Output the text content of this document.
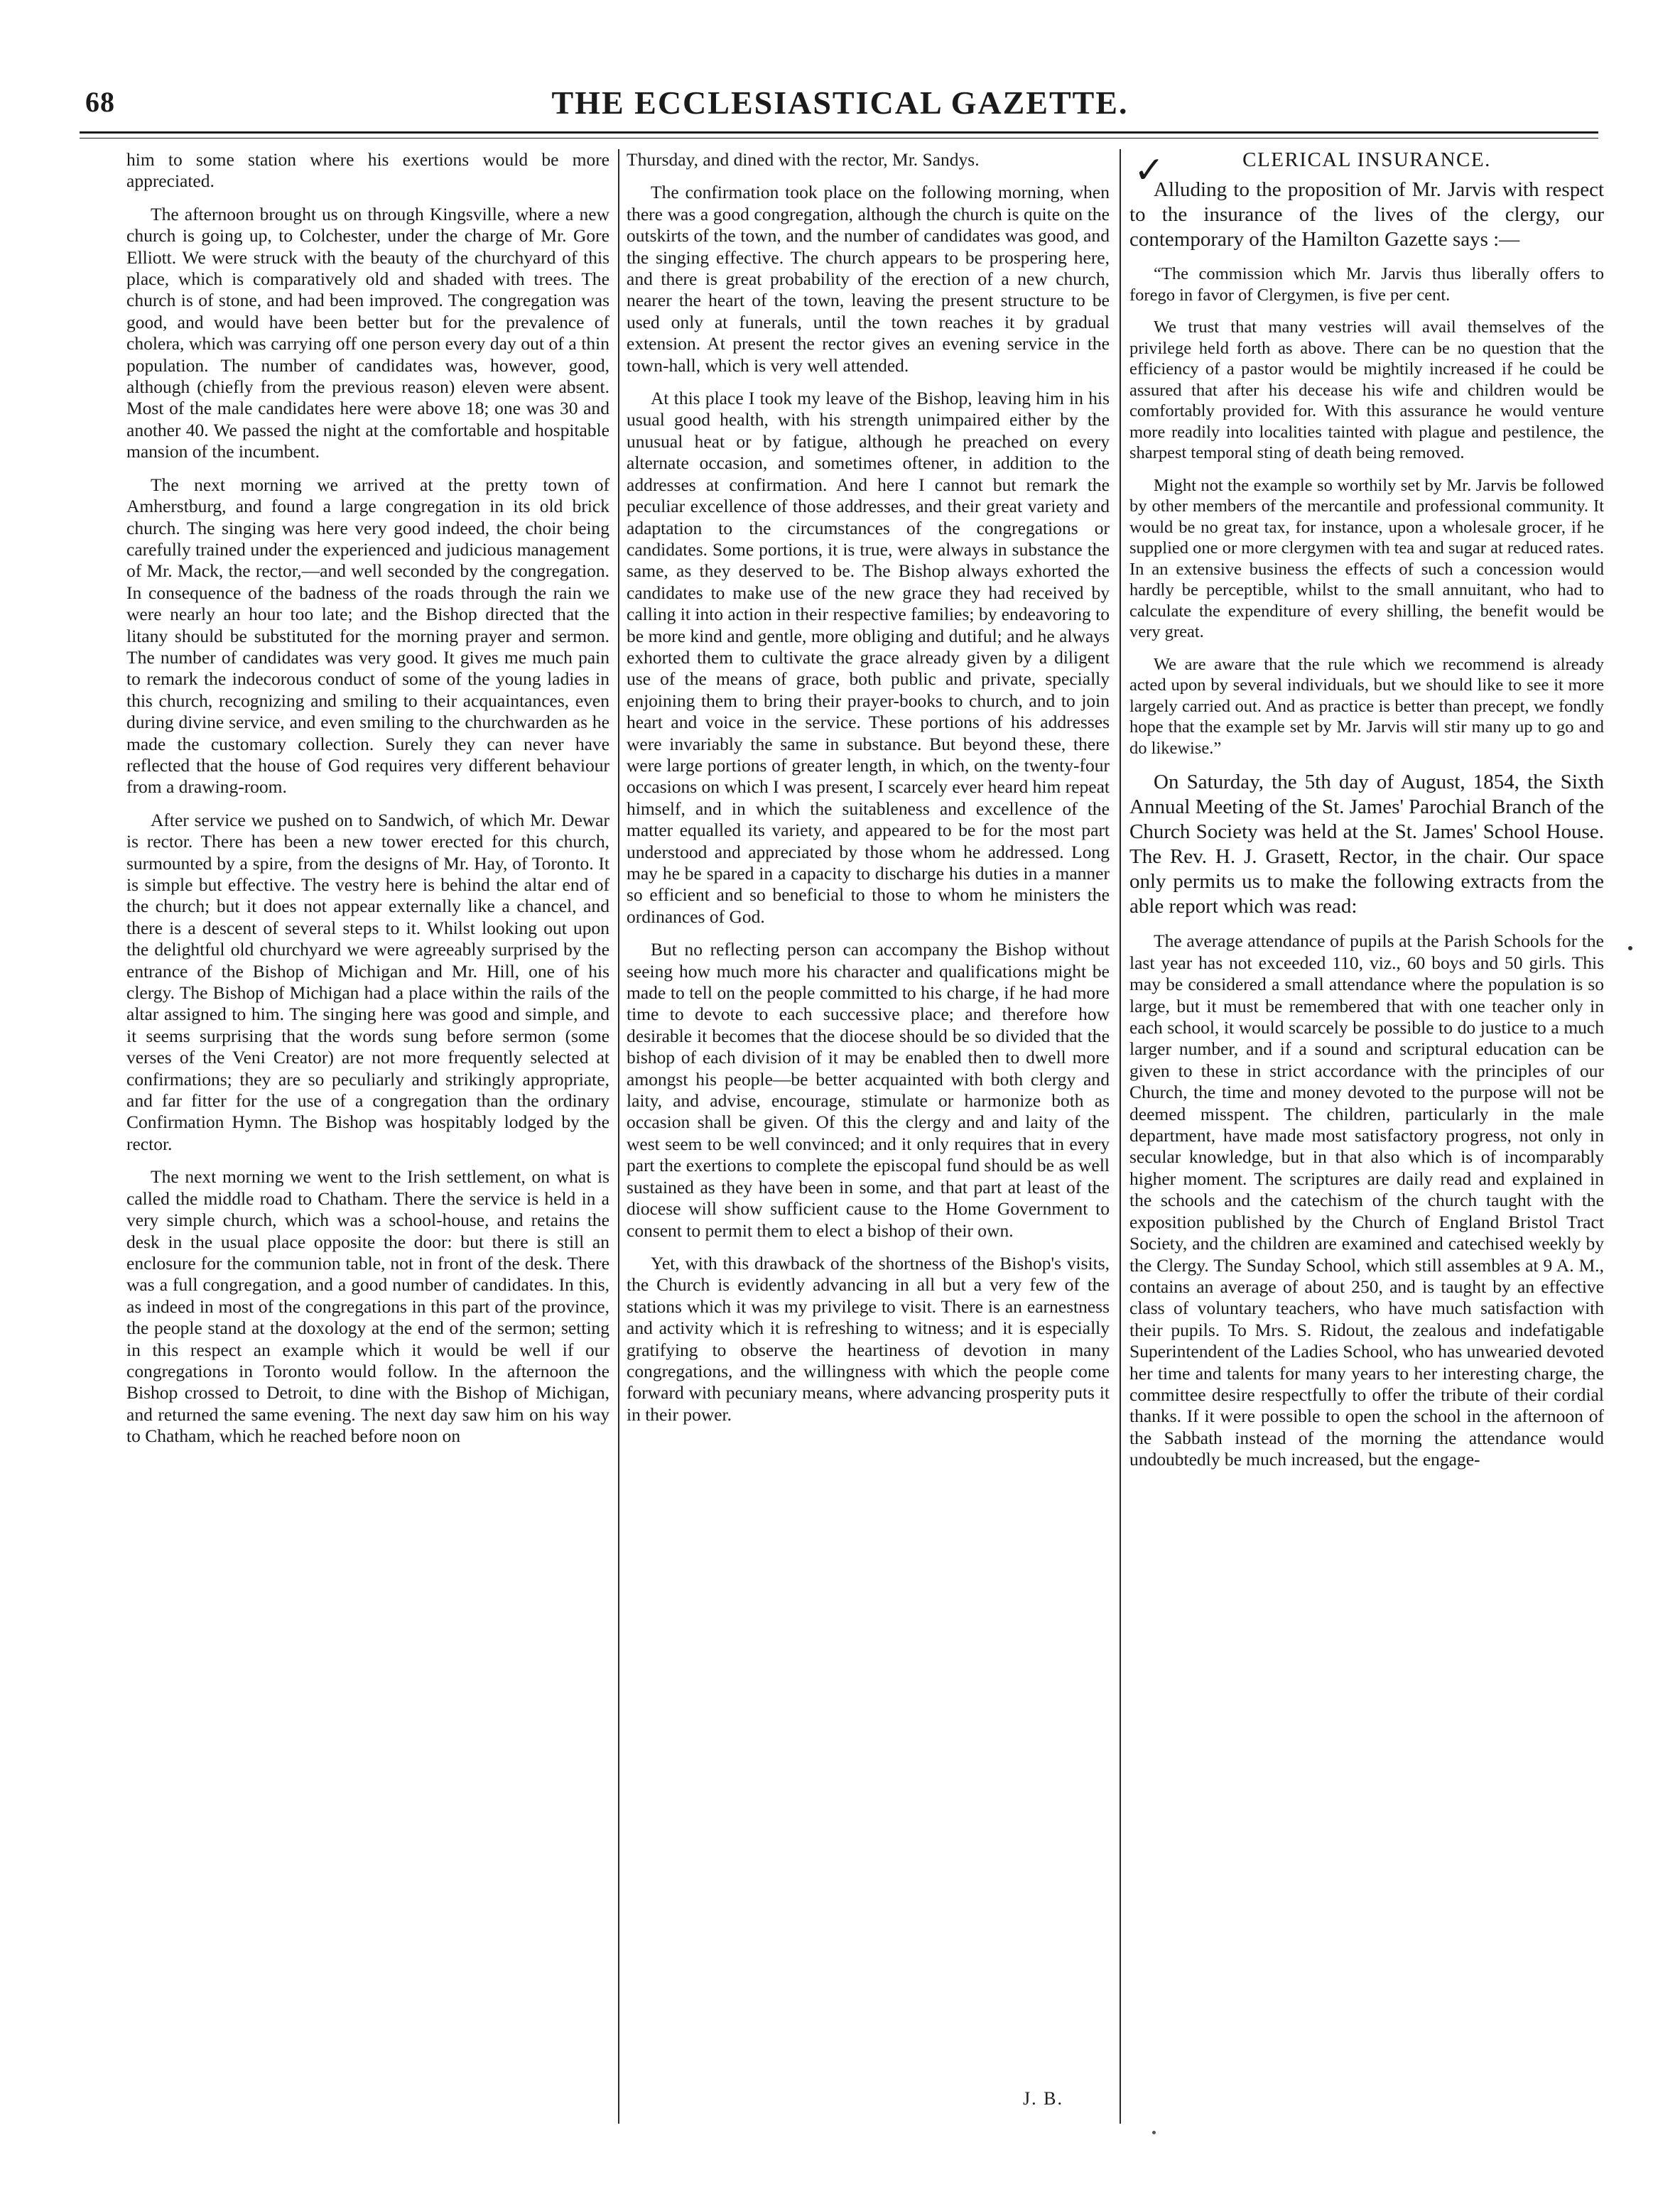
68	THE ECCLESIASTICAL GAZETTE.

him to some station where his exertions would be more appreciated.

The afternoon brought us on through Kingsville, where a new church is going up, to Colchester, under the charge of Mr. Gore Elliott. We were struck with the beauty of the churchyard of this place, which is comparatively old and shaded with trees. The church is of stone, and had been improved. The congregation was good, and would have been better but for the prevalence of cholera, which was carrying off one person every day out of a thin population. The number of candidates was, however, good, although (chiefly from the previous reason) eleven were absent. Most of the male candidates here were above 18; one was 30 and another 40. We passed the night at the comfortable and hospitable mansion of the incumbent.

The next morning we arrived at the pretty town of Amherstburg, and found a large congregation in its old brick church. The singing was here very good indeed, the choir being carefully trained under the experienced and judicious management of Mr. Mack, the rector,—and well seconded by the congregation. In consequence of the badness of the roads through the rain we were nearly an hour too late; and the Bishop directed that the litany should be substituted for the morning prayer and sermon. The number of candidates was very good. It gives me much pain to remark the indecorous conduct of some of the young ladies in this church, recognizing and smiling to their acquaintances, even during divine service, and even smiling to the churchwarden as he made the customary collection. Surely they can never have reflected that the house of God requires very different behaviour from a drawing-room.

After service we pushed on to Sandwich, of which Mr. Dewar is rector. There has been a new tower erected for this church, surmounted by a spire, from the designs of Mr. Hay, of Toronto. It is simple but effective. The vestry here is behind the altar end of the church; but it does not appear externally like a chancel, and there is a descent of several steps to it. Whilst looking out upon the delightful old churchyard we were agreeably surprised by the entrance of the Bishop of Michigan and Mr. Hill, one of his clergy. The Bishop of Michigan had a place within the rails of the altar assigned to him. The singing here was good and simple, and it seems surprising that the words sung before sermon (some verses of the Veni Creator) are not more frequently selected at confirmations; they are so peculiarly and strikingly appropriate, and far fitter for the use of a congregation than the ordinary Confirmation Hymn. The Bishop was hospitably lodged by the rector.

The next morning we went to the Irish settlement, on what is called the middle road to Chatham. There the service is held in a very simple church, which was a school-house, and retains the desk in the usual place opposite the door: but there is still an enclosure for the communion table, not in front of the desk. There was a full congregation, and a good number of candidates. In this, as indeed in most of the congregations in this part of the province, the people stand at the doxology at the end of the sermon; setting in this respect an example which it would be well if our congregations in Toronto would follow. In the afternoon the Bishop crossed to Detroit, to dine with the Bishop of Michigan, and returned the same evening. The next day saw him on his way to Chatham, which he reached before noon on

Thursday, and dined with the rector, Mr. Sandys.

The confirmation took place on the following morning, when there was a good congregation, although the church is quite on the outskirts of the town, and the number of candidates was good, and the singing effective. The church appears to be prospering here, and there is great probability of the erection of a new church, nearer the heart of the town, leaving the present structure to be used only at funerals, until the town reaches it by gradual extension. At present the rector gives an evening service in the town-hall, which is very well attended.

At this place I took my leave of the Bishop, leaving him in his usual good health, with his strength unimpaired either by the unusual heat or by fatigue, although he preached on every alternate occasion, and sometimes oftener, in addition to the addresses at confirmation. And here I cannot but remark the peculiar excellence of those addresses, and their great variety and adaptation to the circumstances of the congregations or candidates. Some portions, it is true, were always in substance the same, as they deserved to be. The Bishop always exhorted the candidates to make use of the new grace they had received by calling it into action in their respective families; by endeavoring to be more kind and gentle, more obliging and dutiful; and he always exhorted them to cultivate the grace already given by a diligent use of the means of grace, both public and private, specially enjoining them to bring their prayer-books to church, and to join heart and voice in the service. These portions of his addresses were invariably the same in substance. But beyond these, there were large portions of greater length, in which, on the twenty-four occasions on which I was present, I scarcely ever heard him repeat himself, and in which the suitableness and excellence of the matter equalled its variety, and appeared to be for the most part understood and appreciated by those whom he addressed. Long may he be spared in a capacity to discharge his duties in a manner so efficient and so beneficial to those to whom he ministers the ordinances of God.

But no reflecting person can accompany the Bishop without seeing how much more his character and qualifications might be made to tell on the people committed to his charge, if he had more time to devote to each successive place; and therefore how desirable it becomes that the diocese should be so divided that the bishop of each division of it may be enabled then to dwell more amongst his people—be better acquainted with both clergy and laity, and advise, encourage, stimulate or harmonize both as occasion shall be given. Of this the clergy and and laity of the west seem to be well convinced; and it only requires that in every part the exertions to complete the episcopal fund should be as well sustained as they have been in some, and that part at least of the diocese will show sufficient cause to the Home Government to consent to permit them to elect a bishop of their own.

Yet, with this drawback of the shortness of the Bishop's visits, the Church is evidently advancing in all but a very few of the stations which it was my privilege to visit. There is an earnestness and activity which it is refreshing to witness; and it is especially gratifying to observe the heartiness of devotion in many congregations, and the willingness with which the people come forward with pecuniary means, where advancing prosperity puts it in their power.

J. B.
✓	CLERICAL INSURANCE.

Alluding to the proposition of Mr. Jarvis with respect to the insurance of the lives of the clergy, our contemporary of the Hamilton Gazette says :—

“The commission which Mr. Jarvis thus liberally offers to forego in favor of Clergymen, is five per cent.

We trust that many vestries will avail themselves of the privilege held forth as above. There can be no question that the efficiency of a pastor would be mightily increased if he could be assured that after his decease his wife and children would be comfortably provided for. With this assurance he would venture more readily into localities tainted with plague and pestilence, the sharpest temporal sting of death being removed.

Might not the example so worthily set by Mr. Jarvis be followed by other members of the mercantile and professional community. It would be no great tax, for instance, upon a wholesale grocer, if he supplied one or more clergymen with tea and sugar at reduced rates. In an extensive business the effects of such a concession would hardly be perceptible, whilst to the small annuitant, who had to calculate the expenditure of every shilling, the benefit would be very great.

We are aware that the rule which we recommend is already acted upon by several individuals, but we should like to see it more largely carried out. And as practice is better than precept, we fondly hope that the example set by Mr. Jarvis will stir many up to go and do likewise.”

On Saturday, the 5th day of August, 1854, the Sixth Annual Meeting of the St. James' Parochial Branch of the Church Society was held at the St. James' School House. The Rev. H. J. Grasett, Rector, in the chair. Our space only permits us to make the following extracts from the able report which was read:

The average attendance of pupils at the Parish Schools for the last year has not exceeded 110, viz., 60 boys and 50 girls. This may be considered a small attendance where the population is so large, but it must be remembered that with one teacher only in each school, it would scarcely be possible to do justice to a much larger number, and if a sound and scriptural education can be given to these in strict accordance with the principles of our Church, the time and money devoted to the purpose will not be deemed misspent. The children, particularly in the male department, have made most satisfactory progress, not only in secular knowledge, but in that also which is of incomparably higher moment. The scriptures are daily read and explained in the schools and the catechism of the church taught with the exposition published by the Church of England Bristol Tract Society, and the children are examined and catechised weekly by the Clergy. The Sunday School, which still assembles at 9 A. M., contains an average of about 250, and is taught by an effective class of voluntary teachers, who have much satisfaction with their pupils. To Mrs. S. Ridout, the zealous and indefatigable Superintendent of the Ladies School, who has unwearied devoted her time and talents for many years to her interesting charge, the committee desire respectfully to offer the tribute of their cordial thanks. If it were possible to open the school in the afternoon of the Sabbath instead of the morning the attendance would undoubtedly be much increased, but the engage-
